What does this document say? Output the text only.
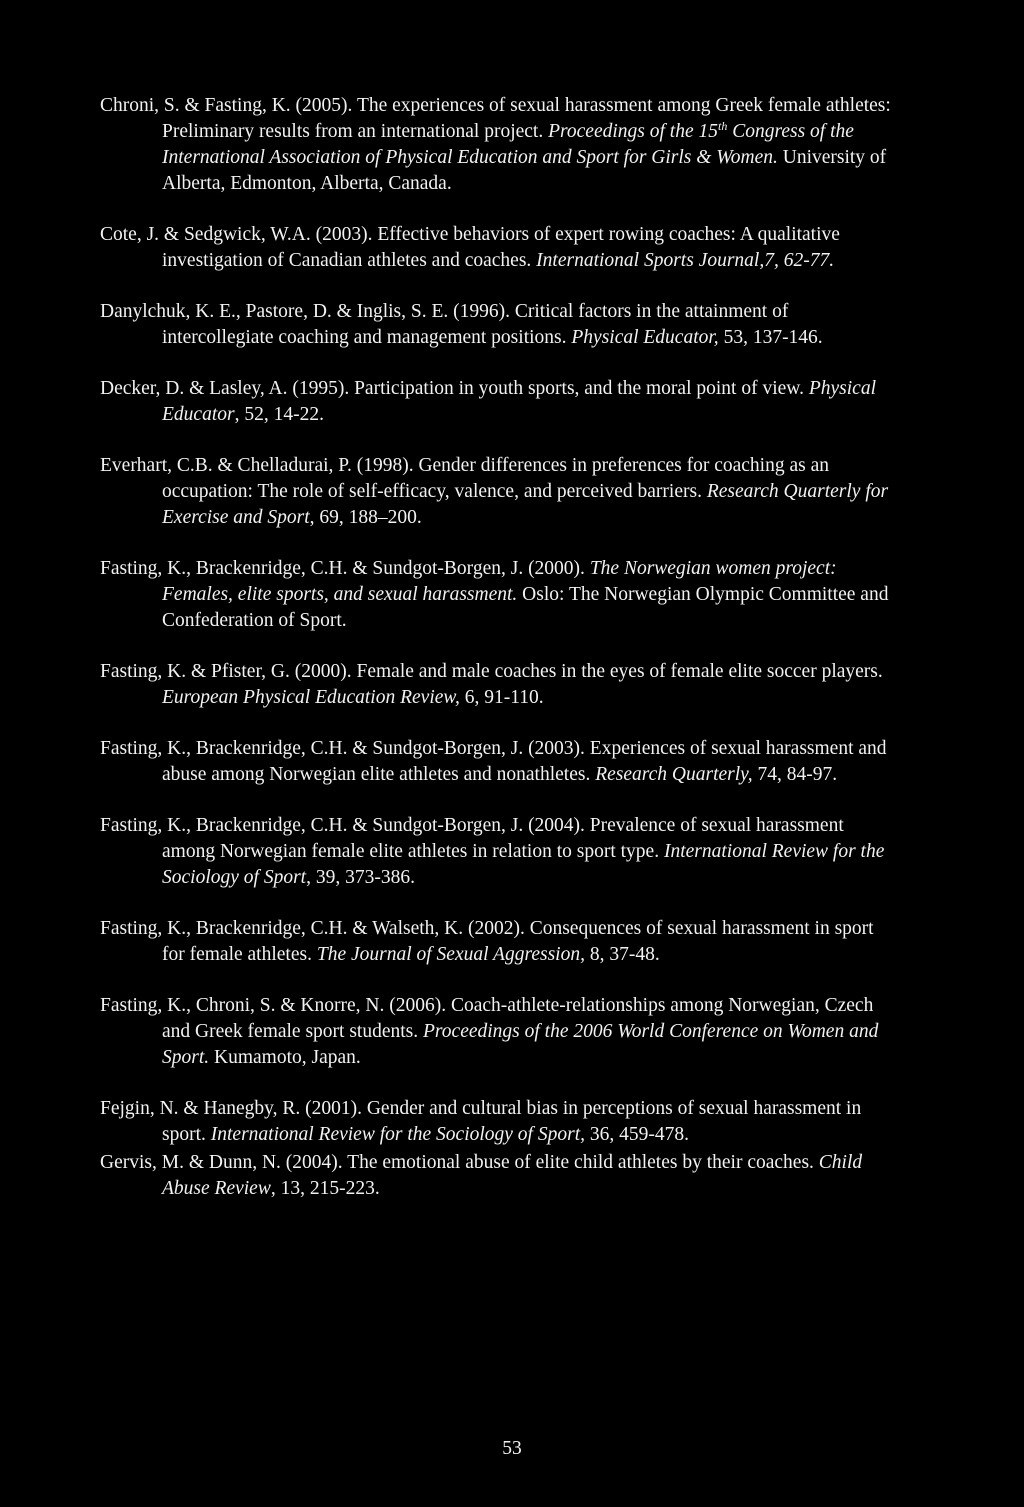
Chroni, S. & Fasting, K. (2005). The experiences of sexual harassment among Greek female athletes: Preliminary results from an international project. Proceedings of the 15th Congress of the International Association of Physical Education and Sport for Girls & Women. University of Alberta, Edmonton, Alberta, Canada.

Cote, J. & Sedgwick, W.A. (2003). Effective behaviors of expert rowing coaches: A qualitative investigation of Canadian athletes and coaches. International Sports Journal,7, 62-77.

Danylchuk, K. E., Pastore, D. & Inglis, S. E. (1996). Critical factors in the attainment of intercollegiate coaching and management positions. Physical Educator, 53, 137-146.

Decker, D. & Lasley, A. (1995). Participation in youth sports, and the moral point of view. Physical Educator, 52, 14-22.

Everhart, C.B. & Chelladurai, P. (1998). Gender differences in preferences for coaching as an occupation: The role of self-efficacy, valence, and perceived barriers. Research Quarterly for Exercise and Sport, 69, 188–200.

Fasting, K., Brackenridge, C.H. & Sundgot-Borgen, J. (2000). The Norwegian women project: Females, elite sports, and sexual harassment. Oslo: The Norwegian Olympic Committee and Confederation of Sport.

Fasting, K. & Pfister, G. (2000). Female and male coaches in the eyes of female elite soccer players. European Physical Education Review, 6, 91-110.

Fasting, K., Brackenridge, C.H. & Sundgot-Borgen, J. (2003). Experiences of sexual harassment and abuse among Norwegian elite athletes and nonathletes. Research Quarterly, 74, 84-97.

Fasting, K., Brackenridge, C.H. & Sundgot-Borgen, J. (2004). Prevalence of sexual harassment among Norwegian female elite athletes in relation to sport type. International Review for the Sociology of Sport, 39, 373-386.

Fasting, K., Brackenridge, C.H. & Walseth, K. (2002). Consequences of sexual harassment in sport for female athletes. The Journal of Sexual Aggression, 8, 37-48.

Fasting, K., Chroni, S. & Knorre, N. (2006). Coach-athlete-relationships among Norwegian, Czech and Greek female sport students. Proceedings of the 2006 World Conference on Women and Sport. Kumamoto, Japan.

Fejgin, N. & Hanegby, R. (2001). Gender and cultural bias in perceptions of sexual harassment in sport. International Review for the Sociology of Sport, 36, 459-478.

Gervis, M. & Dunn, N. (2004). The emotional abuse of elite child athletes by their coaches. Child Abuse Review, 13, 215-223.

53
